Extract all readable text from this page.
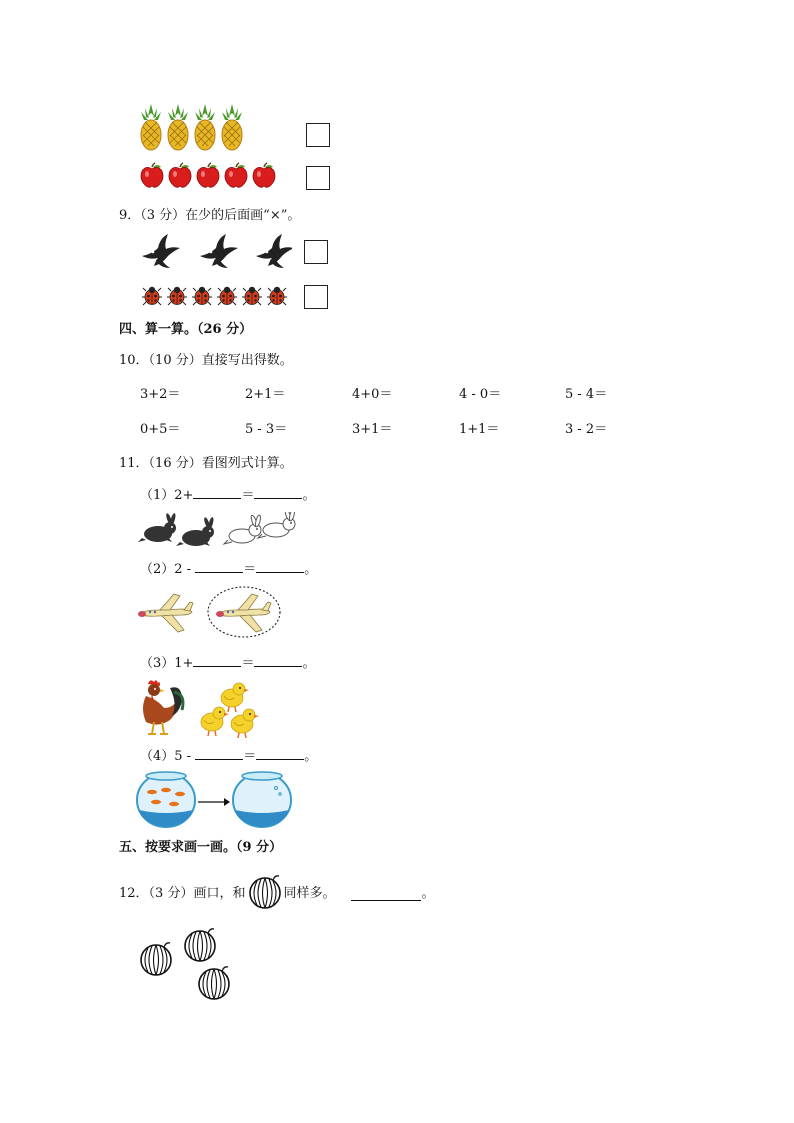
9．（3 分）在少的后面画“×”。
四、算一算。（26 分）
10．（10 分）直接写出得数。
3+2＝	2+1＝	4+0＝	4 - 0＝	5 - 4＝
0+5＝	5 - 3＝	3+1＝	1+1＝	3 - 2＝
11．（16 分）看图列式计算。
（1）2+	＝	。
（2）2 -	＝	。
（3）1+	＝	。
（4）5 -	＝	。
五、按要求画一画。（9 分）
12．（3 分）画口，和	同样多。	。
